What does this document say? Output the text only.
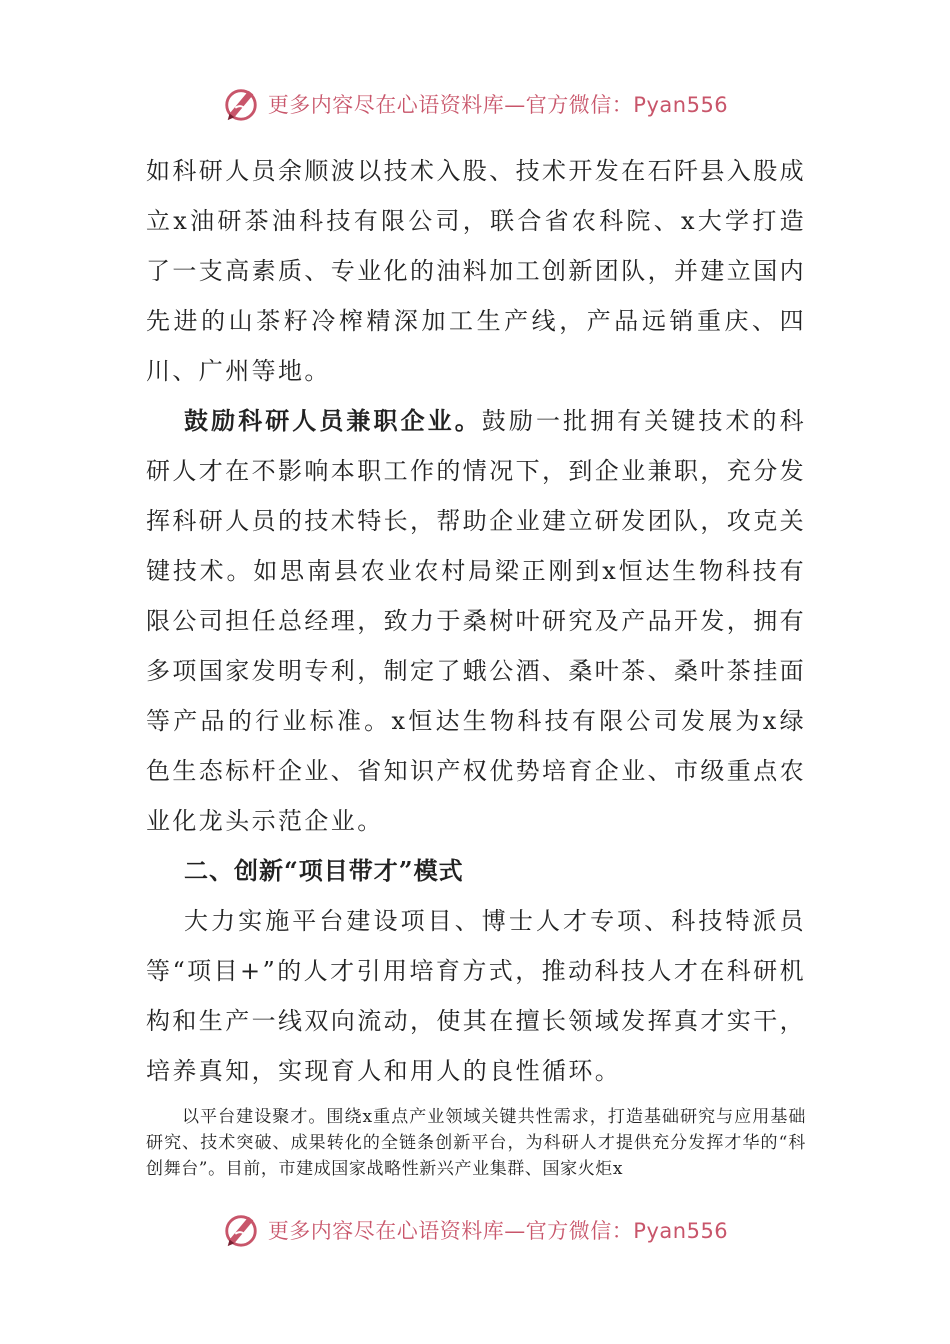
更多内容尽在心语资料库—官方微信：Pyan556

如科研人员余顺波以技术入股、技术开发在石阡县入股成立x油研茶油科技有限公司，联合省农科院、x大学打造了一支高素质、专业化的油料加工创新团队，并建立国内先进的山茶籽冷榨精深加工生产线，产品远销重庆、四川、广州等地。

鼓励科研人员兼职企业。鼓励一批拥有关键技术的科研人才在不影响本职工作的情况下，到企业兼职，充分发挥科研人员的技术特长，帮助企业建立研发团队，攻克关键技术。如思南县农业农村局梁正刚到x恒达生物科技有限公司担任总经理，致力于桑树叶研究及产品开发，拥有多项国家发明专利，制定了蛾公酒、桑叶茶、桑叶茶挂面等产品的行业标准。x恒达生物科技有限公司发展为x绿色生态标杆企业、省知识产权优势培育企业、市级重点农业化龙头示范企业。

二、创新“项目带才”模式

大力实施平台建设项目、博士人才专项、科技特派员等“项目+”的人才引用培育方式，推动科技人才在科研机构和生产一线双向流动，使其在擅长领域发挥真才实干，培养真知，实现育人和用人的良性循环。

以平台建设聚才。围绕x重点产业领域关键共性需求，打造基础研究与应用基础研究、技术突破、成果转化的全链条创新平台，为科研人才提供充分发挥才华的“科创舞台”。目前，市建成国家战略性新兴产业集群、国家火炬x

更多内容尽在心语资料库—官方微信：Pyan556
